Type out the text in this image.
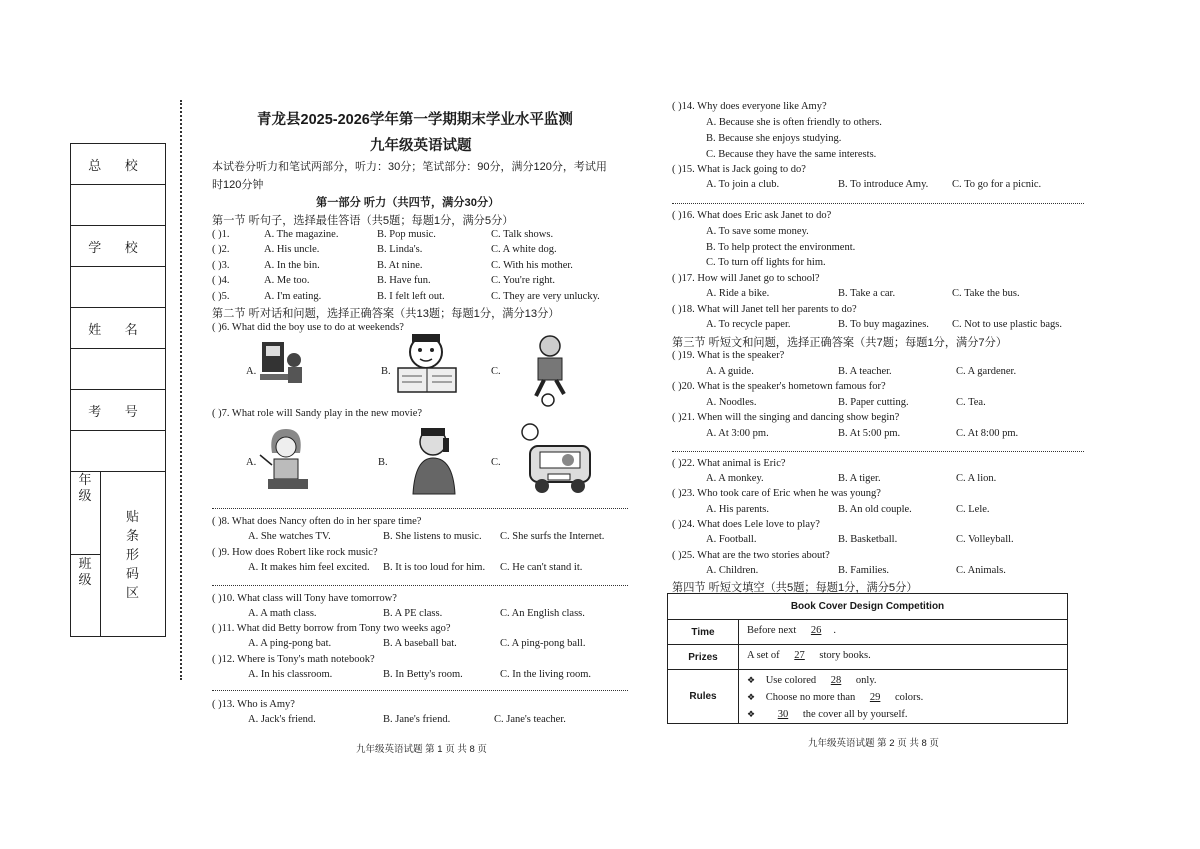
总 校
学 校
姓 名
考 号
年级
班级
贴条形码区
青龙县2025-2026学年第一学期期末学业水平监测
九年级英语试题
本试卷分听力和笔试两部分，听力：30分；笔试部分：90分，满分120分，考试用
时120分钟
第一部分 听力（共四节，满分30分）
第一节 听句子，选择最佳答语（共5题；每题1分，满分5分）
( )1.	A. The magazine.	B. Pop music.	C. Talk shows.
( )2.	A. His uncle.	B. Linda's.	C. A white dog.
( )3.	A. In the bin.	B. At nine.	C. With his mother.
( )4.	A. Me too.	B. Have fun.	C. You're right.
( )5.	A. I'm eating.	B. I felt left out.	C. They are very unlucky.
第二节 听对话和问题，选择正确答案（共13题；每题1分，满分13分）
( )6. What did the boy use to do at weekends?
A.	B.	C.
( )7. What role will Sandy play in the new movie?
A.	B.	C.
( )8. What does Nancy often do in her spare time?
A. She watches TV.	B. She listens to music. C. She surfs the Internet.
( )9. How does Robert like rock music?
A. It makes him feel excited. B. It is too loud for him. C. He can't stand it.
( )10. What class will Tony have tomorrow?
A. A math class.	B. A PE class.	C. An English class.
( )11. What did Betty borrow from Tony two weeks ago?
A. A ping-pong bat.	B. A baseball bat.	C. A ping-pong ball.
( )12. Where is Tony's math notebook?
A. In his classroom.	B. In Betty's room.	C. In the living room.
( )13. Who is Amy?
A. Jack's friend.	B. Jane's friend.	C. Jane's teacher.
九年级英语试题 第 1 页 共 8 页
( )14. Why does everyone like Amy?
A. Because she is often friendly to others.
B. Because she enjoys studying.
C. Because they have the same interests.
( )15. What is Jack going to do?
A. To join a club.	B. To introduce Amy. C. To go for a picnic.
( )16. What does Eric ask Janet to do?
A. To save some money.
B. To help protect the environment.
C. To turn off lights for him.
( )17. How will Janet go to school?
A. Ride a bike.	B. Take a car.	C. Take the bus.
( )18. What will Janet tell her parents to do?
A. To recycle paper.	B. To buy magazines. C. Not to use plastic bags.
第三节 听短文和问题，选择正确答案（共7题；每题1分，满分7分）
( )19. What is the speaker?
A. A guide.	B. A teacher.	C. A gardener.
( )20. What is the speaker's hometown famous for?
A. Noodles.	B. Paper cutting.	C. Tea.
( )21. When will the singing and dancing show begin?
A. At 3:00 pm.	B. At 5:00 pm.	C. At 8:00 pm.
( )22. What animal is Eric?
A. A monkey.	B. A tiger.	C. A lion.
( )23. Who took care of Eric when he was young?
A. His parents.	B. An old couple.	C. Lele.
( )24. What does Lele love to play?
A. Football.	B. Basketball.	C. Volleyball.
( )25. What are the two stories about?
A. Children.	B. Families.	C. Animals.
第四节 听短文填空（共5题；每题1分，满分5分）
Book Cover Design Competition
Time	Before next 26 .
Prizes	A set of 27 story books.
Rules
❖ Use colored 28 only.
❖ Choose no more than 29 colors.
❖ 30 the cover all by yourself.
九年级英语试题 第 2 页 共 8 页
